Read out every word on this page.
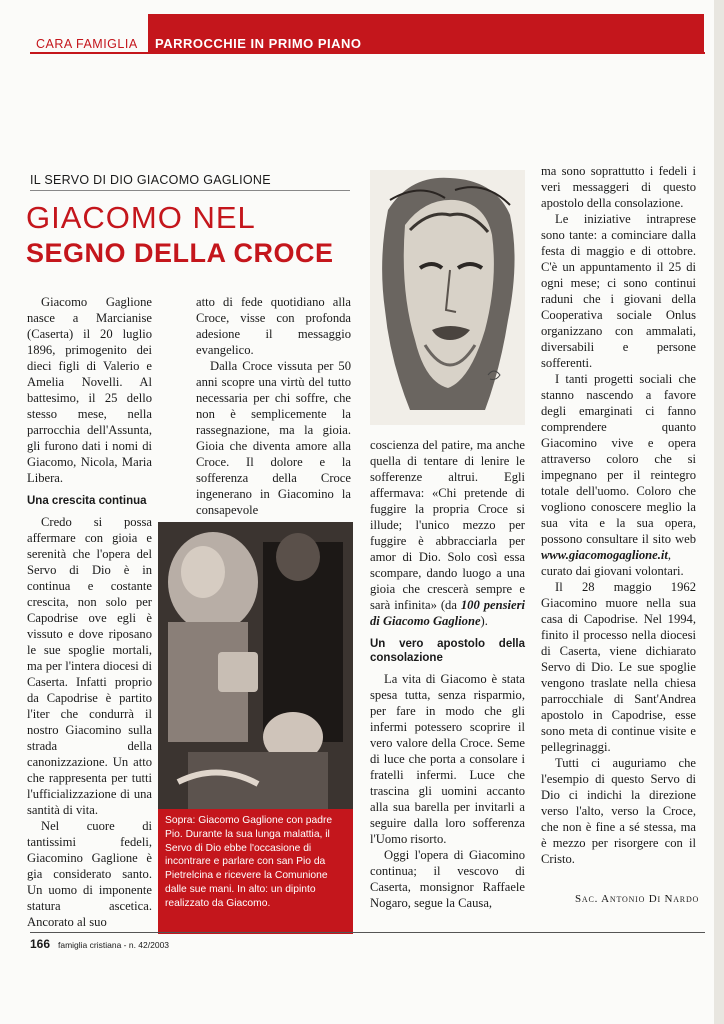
CARA FAMIGLIA PARROCCHIE IN PRIMO PIANO
IL SERVO DI DIO GIACOMO GAGLIONE
GIACOMO NEL
SEGNO DELLA CROCE

Giacomo Gaglione nasce a Marcianise (Caserta) il 20 luglio 1896, primogenito dei dieci figli di Valerio e Amelia Novelli. Al battesimo, il 25 dello stesso mese, nella parrocchia dell'Assunta, gli furono dati i nomi di Giacomo, Nicola, Maria Libera.

Una crescita continua

Credo si possa affermare con gioia e serenità che l'opera del Servo di Dio è in continua e costante crescita, non solo per Capodrise ove egli è vissuto e dove riposano le sue spoglie mortali, ma per l'intera diocesi di Caserta. Infatti proprio da Capodrise è partito l'iter che condurrà il nostro Giacomino sulla strada della canonizzazione. Un atto che rappresenta per tutti l'ufficializzazione di una santità di vita.

Nel cuore di tantissimi fedeli, Giacomino Gaglione è gia considerato santo. Un uomo di imponente statura ascetica. Ancorato al suo

atto di fede quotidiano alla Croce, visse con profonda adesione il messaggio evangelico.

Dalla Croce vissuta per 50 anni scopre una virtù del tutto necessaria per chi soffre, che non è semplicemente la rassegnazione, ma la gioia. Gioia che diventa amore alla Croce. Il dolore e la sofferenza della Croce ingenerano in Giacomino la consapevole

coscienza del patire, ma anche quella di tentare di lenire le sofferenze altrui. Egli affermava: «Chi pretende di fuggire la propria Croce si illude; l'unico mezzo per fuggire è abbracciarla per amor di Dio. Solo così essa scompare, dando luogo a una gioia che crescerà sempre e sarà infinita» (da 100 pensieri di Giacomo Gaglione).

Un vero apostolo della consolazione

La vita di Giacomo è stata spesa tutta, senza risparmio, per fare in modo che gli infermi potessero scoprire il vero valore della Croce. Seme di luce che porta a consolare i fratelli infermi. Luce che trascina gli uomini accanto alla sua barella per invitarli a seguire dalla loro sofferenza l'Uomo risorto.

Oggi l'opera di Giacomino continua; il vescovo di Caserta, monsignor Raffaele Nogaro, segue la Causa,

Sopra: Giacomo Gaglione con padre Pio. Durante la sua lunga malattia, il Servo di Dio ebbe l'occasione di incontrare e parlare con san Pio da Pietrelcina e ricevere la Comunione dalle sue mani. In alto: un dipinto realizzato da Giacomo.

ma sono soprattutto i fedeli i veri messaggeri di questo apostolo della consolazione.

Le iniziative intraprese sono tante: a cominciare dalla festa di maggio e di ottobre. C'è un appuntamento il 25 di ogni mese; ci sono continui raduni che i giovani della Cooperativa sociale Onlus organizzano con ammalati, diversabili e persone sofferenti.

I tanti progetti sociali che stanno nascendo a favore degli emarginati ci fanno comprendere quanto Giacomino vive e opera attraverso coloro che si impegnano per il reintegro totale dell'uomo. Coloro che vogliono conoscere meglio la sua vita e la sua opera, possono consultare il sito web www.giacomogaglione.it, curato dai giovani volontari.

Il 28 maggio 1962 Giacomino muore nella sua casa di Capodrise. Nel 1994, finito il processo nella diocesi di Caserta, viene dichiarato Servo di Dio. Le sue spoglie vengono traslate nella chiesa parrocchiale di Sant'Andrea apostolo in Capodrise, esse sono meta di continue visite e pellegrinaggi.

Tutti ci auguriamo che l'esempio di questo Servo di Dio ci indichi la direzione verso l'alto, verso la Croce, che non è fine a sé stessa, ma è mezzo per risorgere con il Cristo.

Sac. Antonio Di Nardo
166 famiglia cristiana - n. 42/2003
